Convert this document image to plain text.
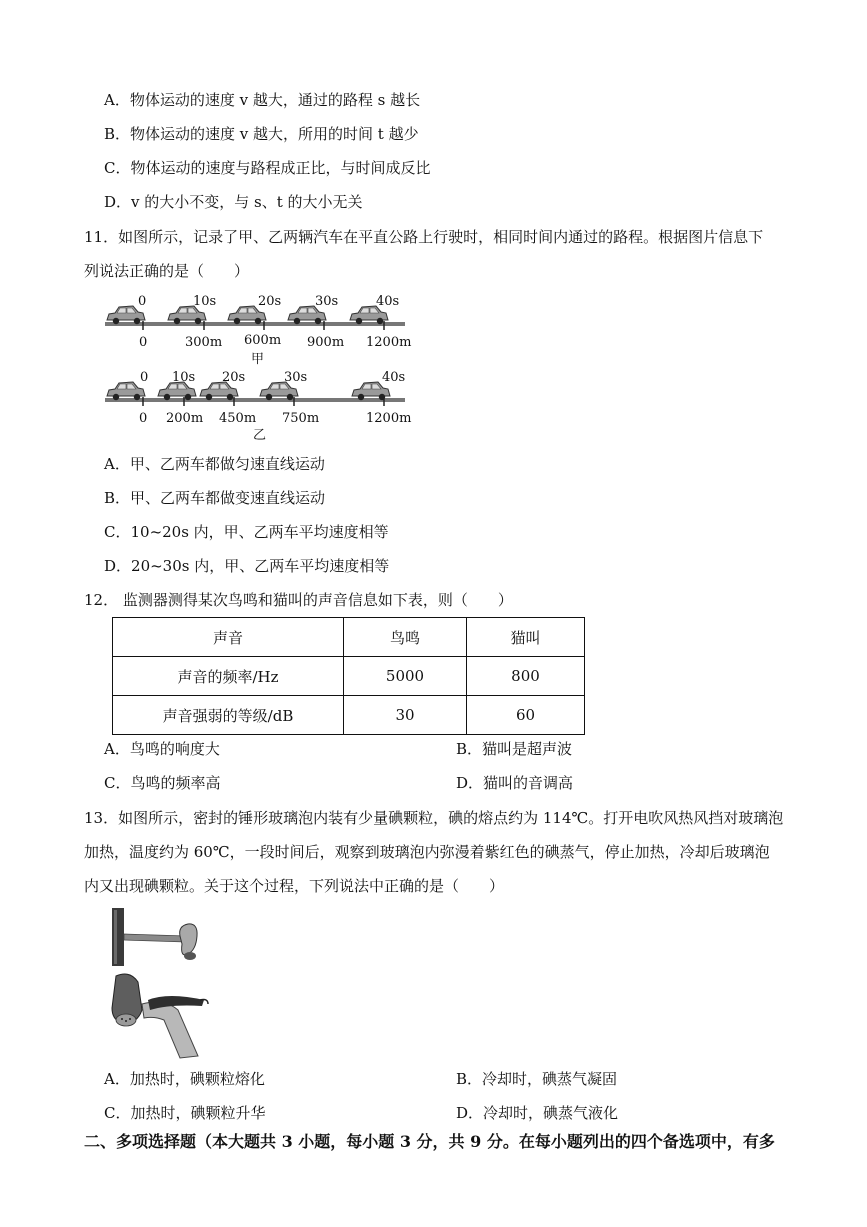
A．物体运动的速度 v 越大，通过的路程 s 越长
B．物体运动的速度 v 越大，所用的时间 t 越少
C．物体运动的速度与路程成正比，与时间成反比
D．v 的大小不变，与 s、t 的大小无关
11．如图所示，记录了甲、乙两辆汽车在平直公路上行驶时，相同时间内通过的路程。根据图片信息下
列说法正确的是（　　）
0	10s	20s	30s	40s
0	300m 600m 900m 1200m
甲
0 10s 20s	30s	40s
0 200m 450m 750m	1200m
乙
A．甲、乙两车都做匀速直线运动
B．甲、乙两车都做变速直线运动
C．10~20s 内，甲、乙两车平均速度相等
D．20~30s 内，甲、乙两车平均速度相等
12． 监测器测得某次鸟鸣和猫叫的声音信息如下表，则（　　）
声音	鸟鸣	猫叫
声音的频率/Hz	5000	800
声音强弱的等级/dB	30	60
A．鸟鸣的响度大	B．猫叫是超声波
C．鸟鸣的频率高	D．猫叫的音调高
13．如图所示，密封的锤形玻璃泡内装有少量碘颗粒，碘的熔点约为 114℃。打开电吹风热风挡对玻璃泡
加热，温度约为 60℃，一段时间后，观察到玻璃泡内弥漫着紫红色的碘蒸气，停止加热，冷却后玻璃泡
内又出现碘颗粒。关于这个过程，下列说法中正确的是（　　）
A．加热时，碘颗粒熔化	B．冷却时，碘蒸气凝固
C．加热时，碘颗粒升华	D．冷却时，碘蒸气液化
二、多项选择题（本大题共 3 小题，每小题 3 分，共 9 分。在每小题列出的四个备选项中，有多
